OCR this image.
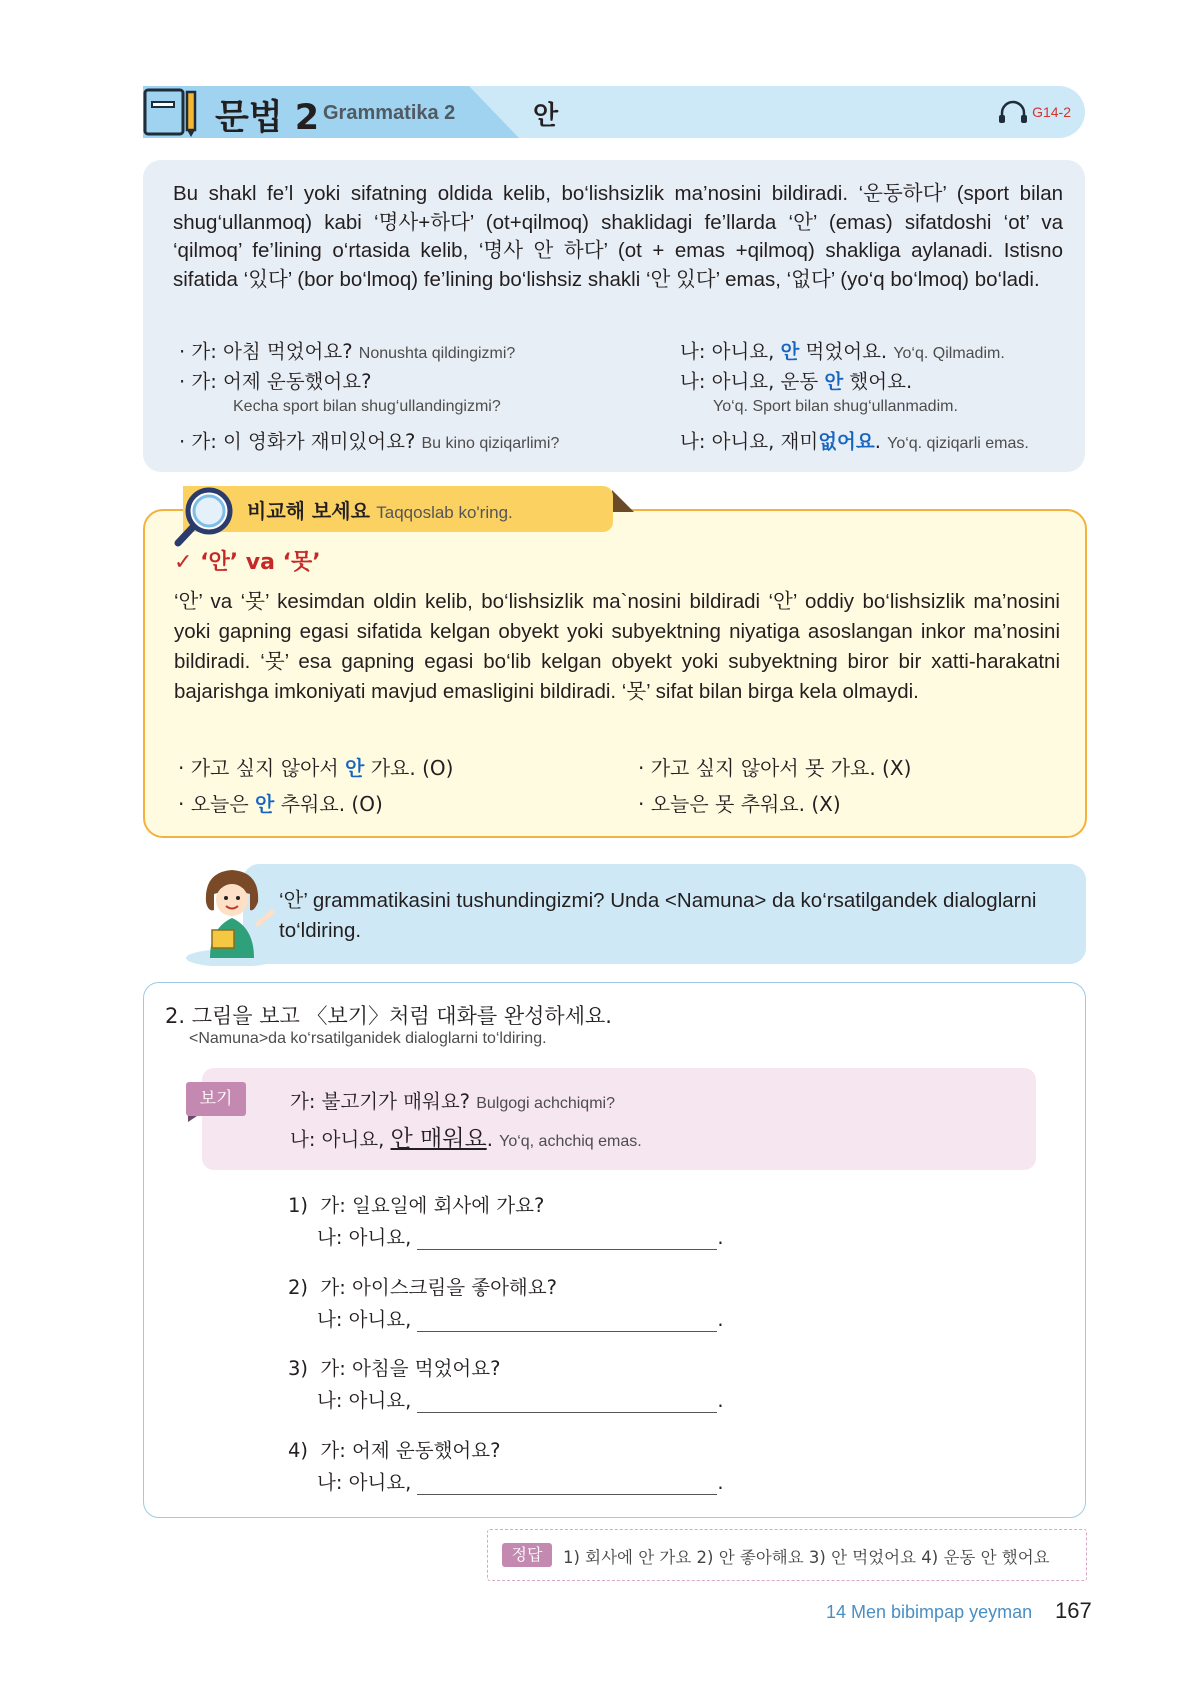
문법 2 Grammatika 2	안	G14-2
Bu shakl fe’l yoki sifatning oldida kelib, bo‘lishsizlik ma’nosini bildiradi. ‘운동하다’ (sport bilan shug‘ullanmoq) kabi ‘명사+하다’ (ot+qilmoq) shaklidagi fe’llarda ‘안’ (emas) sifatdoshi ‘ot’ va ‘qilmoq’ fe’lining o‘rtasida kelib, ‘명사 안 하다’ (ot + emas +qilmoq) shakliga aylanadi. Istisno sifatida ‘있다’ (bor bo‘lmoq) fe’lining bo‘lishsiz shakli ‘안 있다’ emas, ‘없다’ (yo‘q bo‘lmoq) bo‘ladi.
· 가: 아침 먹었어요? Nonushta qildingizmi?	나: 아니요, 안 먹었어요. Yo‘q. Qilmadim.
· 가: 어제 운동했어요?	나: 아니요, 운동 안 했어요.
Kecha sport bilan shug‘ullandingizmi?	Yo‘q. Sport bilan shug‘ullanmadim.
· 가: 이 영화가 재미있어요? Bu kino qiziqarlimi?	나: 아니요, 재미없어요. Yo‘q. qiziqarli emas.
비교해 보세요 Taqqoslab ko'ring.
✓ ‘안’ va ‘못’
‘안’ va ‘못’ kesimdan oldin kelib, bo‘lishsizlik ma`nosini bildiradi ‘안’ oddiy bo‘lishsizlik ma’nosini yoki gapning egasi sifatida kelgan obyekt yoki subyektning niyatiga asoslangan inkor ma’nosini bildiradi. ‘못’ esa gapning egasi bo‘lib kelgan obyekt yoki subyektning biror bir xatti-harakatni bajarishga imkoniyati mavjud emasligini bildiradi. ‘못’ sifat bilan birga kela olmaydi.
· 가고 싶지 않아서 안 가요. (O)	· 가고 싶지 않아서 못 가요. (X)
· 오늘은 안 추워요. (O)	· 오늘은 못 추워요. (X)
‘안’ grammatikasini tushundingizmi? Unda <Namuna> da ko‘rsatilgandek dialoglarni to‘ldiring.
2. 그림을 보고 〈보기〉처럼 대화를 완성하세요.
<Namuna>da ko‘rsatilganidek dialoglarni to‘ldiring.
보기	가: 불고기가 매워요? Bulgogi achchiqmi?
나: 아니요, 안 매워요. Yo‘q, achchiq emas.
1) 가: 일요일에 회사에 가요?
나: 아니요,	.
2) 가: 아이스크림을 좋아해요?
나: 아니요,	.
3) 가: 아침을 먹었어요?
나: 아니요,	.
4) 가: 어제 운동했어요?
나: 아니요,	.
정답	1) 회사에 안 가요 2) 안 좋아해요 3) 안 먹었어요 4) 운동 안 했어요
14 Men bibimpap yeyman 167
